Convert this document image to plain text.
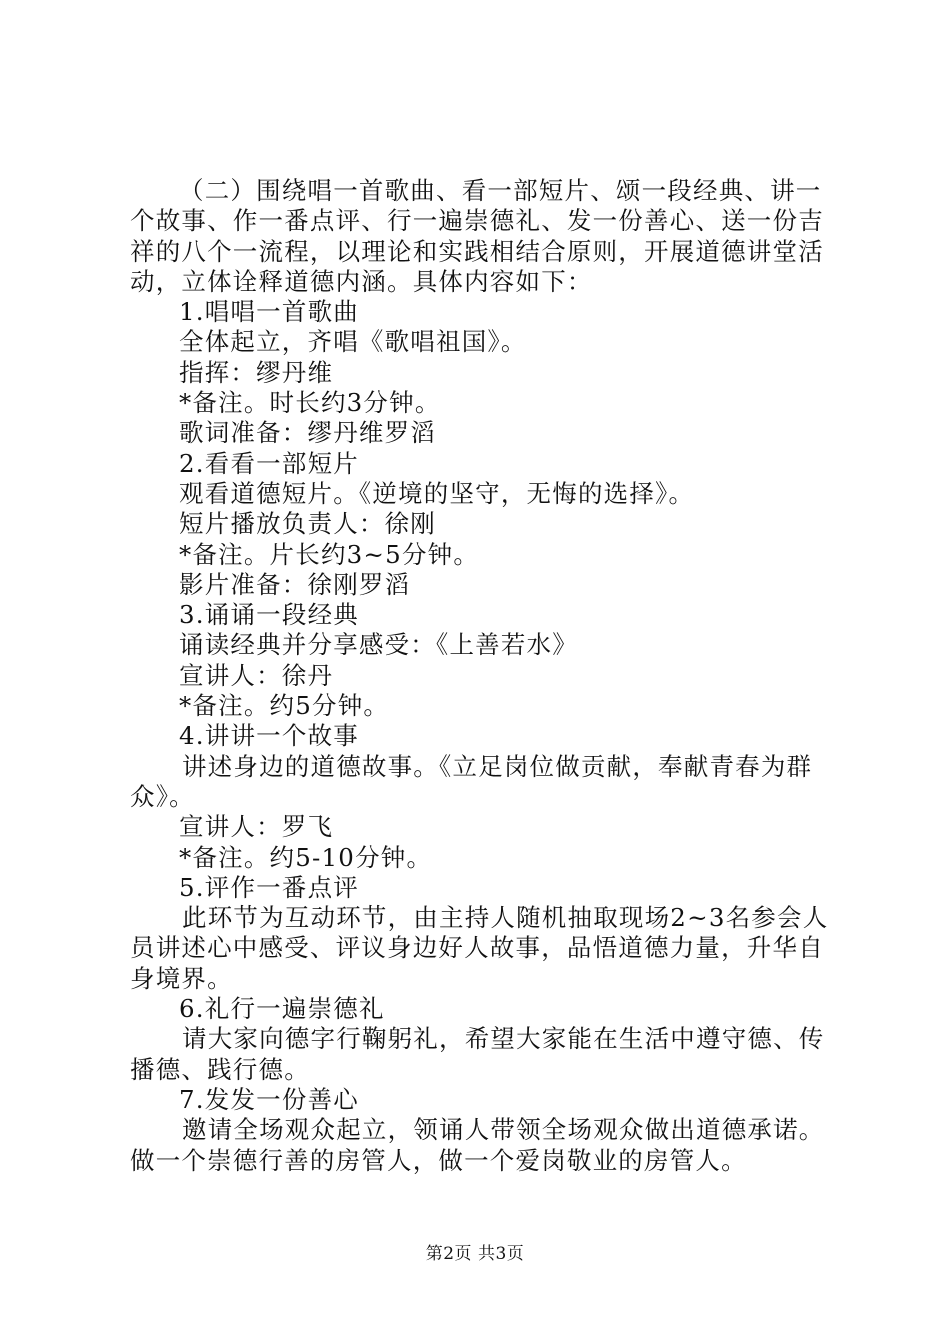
（二）围绕唱一首歌曲、看一部短片、颂一段经典、讲一
个故事、作一番点评、行一遍崇德礼、发一份善心、送一份吉
祥的八个一流程，以理论和实践相结合原则，开展道德讲堂活
动，立体诠释道德内涵。具体内容如下：
1.唱唱一首歌曲
全体起立，齐唱《歌唱祖国》。
指挥：缪丹维
*备注。时长约3分钟。
歌词准备：缪丹维罗滔
2.看看一部短片
观看道德短片。《逆境的坚守，无悔的选择》。
短片播放负责人：徐刚
*备注。片长约3~5分钟。
影片准备：徐刚罗滔
3.诵诵一段经典
诵读经典并分享感受：《上善若水》
宣讲人：徐丹
*备注。约5分钟。
4.讲讲一个故事
讲述身边的道德故事。《立足岗位做贡献，奉献青春为群
众》。
宣讲人：罗飞
*备注。约5-10分钟。
5.评作一番点评
此环节为互动环节，由主持人随机抽取现场2~3名参会人
员讲述心中感受、评议身边好人故事，品悟道德力量，升华自
身境界。
6.礼行一遍崇德礼
请大家向德字行鞠躬礼，希望大家能在生活中遵守德、传
播德、践行德。
7.发发一份善心
邀请全场观众起立，领诵人带领全场观众做出道德承诺。
做一个崇德行善的房管人，做一个爱岗敬业的房管人。
第2页 共3页
